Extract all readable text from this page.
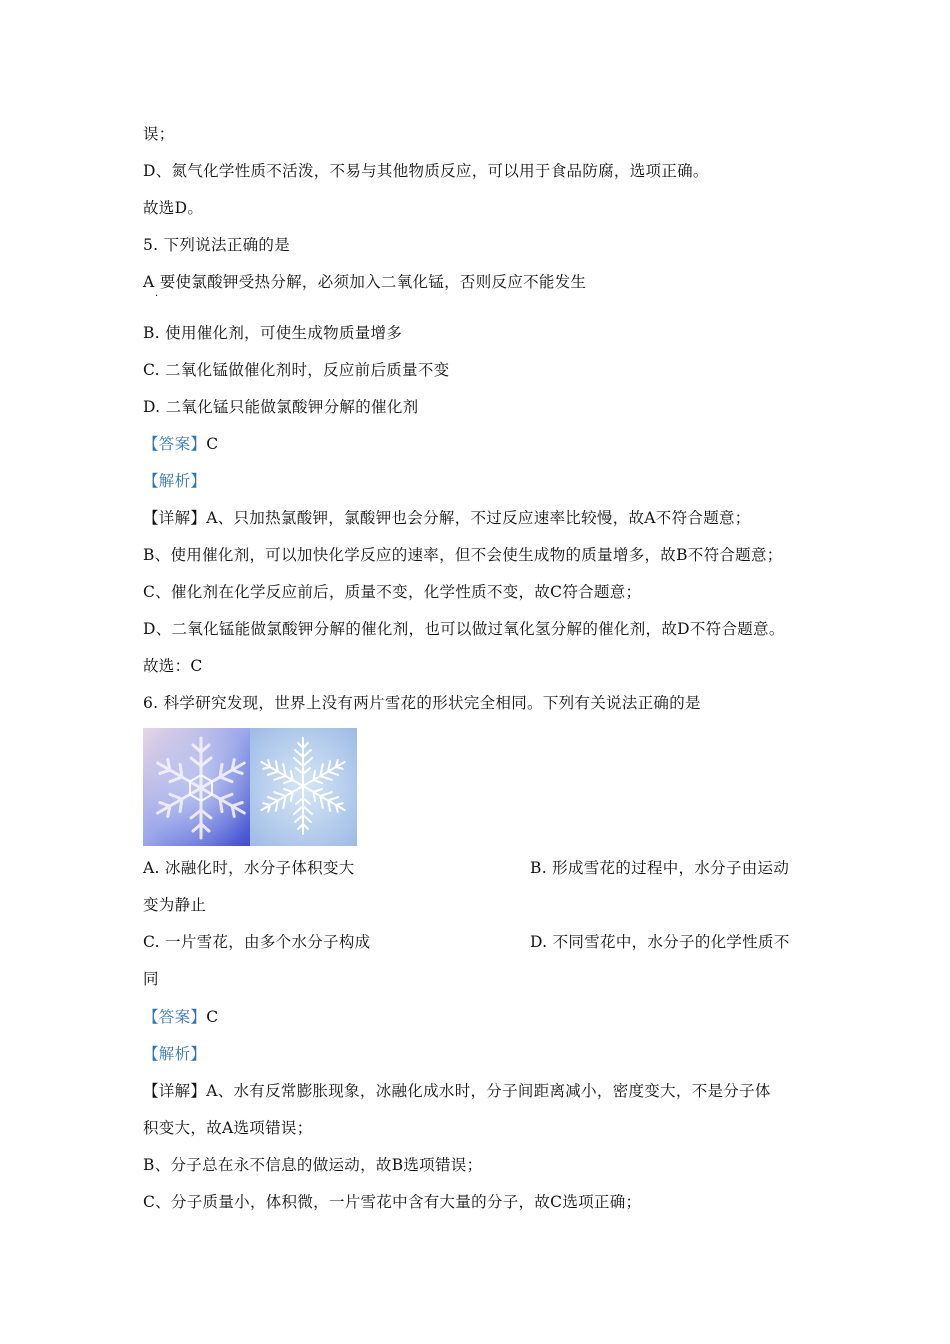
误；
D、氮气化学性质不活泼，不易与其他物质反应，可以用于食品防腐，选项正确。
故选D。
5. 下列说法正确的是
A 要使氯酸钾受热分解，必须加入二氧化锰，否则反应不能发生
·
B. 使用催化剂，可使生成物质量增多
C. 二氧化锰做催化剂时，反应前后质量不变
D. 二氧化锰只能做氯酸钾分解的催化剂
【答案】C
【解析】
【详解】A、只加热氯酸钾，氯酸钾也会分解，不过反应速率比较慢，故A不符合题意；
B、使用催化剂，可以加快化学反应的速率，但不会使生成物的质量增多，故B不符合题意；
C、催化剂在化学反应前后，质量不变，化学性质不变，故C符合题意；
D、二氧化锰能做氯酸钾分解的催化剂，也可以做过氧化氢分解的催化剂，故D不符合题意。
故选：C
6. 科学研究发现，世界上没有两片雪花的形状完全相同。下列有关说法正确的是
A. 冰融化时，水分子体积变大	B. 形成雪花的过程中，水分子由运动
变为静止
C. 一片雪花，由多个水分子构成	D. 不同雪花中，水分子的化学性质不
同
【答案】C
【解析】
【详解】A、水有反常膨胀现象，冰融化成水时，分子间距离减小，密度变大，不是分子体
积变大，故A选项错误；
B、分子总在永不信息的做运动，故B选项错误；
C、分子质量小，体积微，一片雪花中含有大量的分子，故C选项正确；
